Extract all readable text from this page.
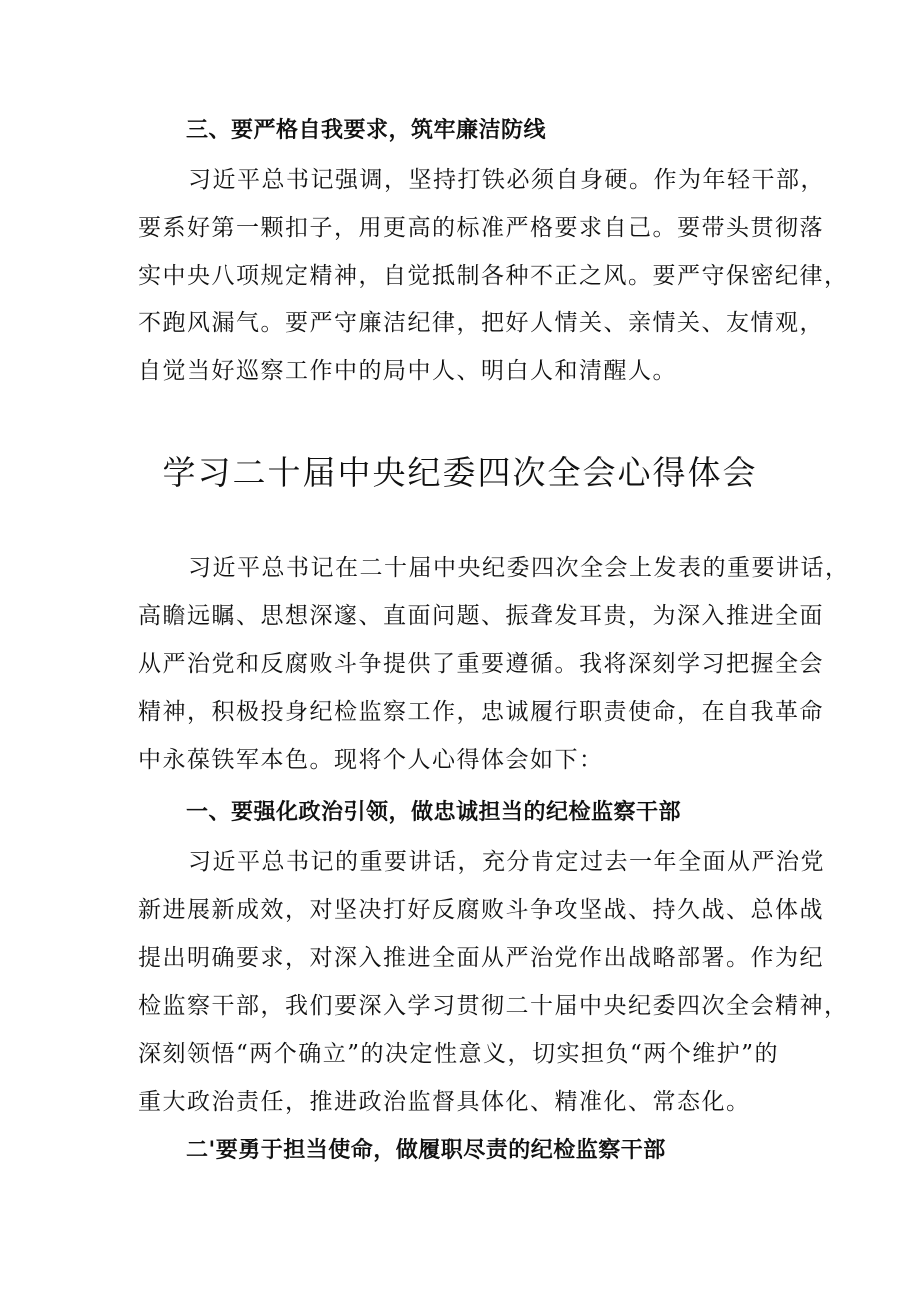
三、要严格自我要求，筑牢廉洁防线
习近平总书记强调，坚持打铁必须自身硬。作为年轻干部，
要系好第一颗扣子，用更高的标准严格要求自己。要带头贯彻落
实中央八项规定精神，自觉抵制各种不正之风。要严守保密纪律，
不跑风漏气。要严守廉洁纪律，把好人情关、亲情关、友情观，
自觉当好巡察工作中的局中人、明白人和清醒人。
学习二十届中央纪委四次全会心得体会
习近平总书记在二十届中央纪委四次全会上发表的重要讲话，
高瞻远瞩、思想深邃、直面问题、振聋发耳贵，为深入推进全面
从严治党和反腐败斗争提供了重要遵循。我将深刻学习把握全会
精神，积极投身纪检监察工作，忠诚履行职责使命，在自我革命
中永葆铁军本色。现将个人心得体会如下：
一、要强化政治引领，做忠诚担当的纪检监察干部
习近平总书记的重要讲话，充分肯定过去一年全面从严治党
新进展新成效，对坚决打好反腐败斗争攻坚战、持久战、总体战
提出明确要求，对深入推进全面从严治党作出战略部署。作为纪
检监察干部，我们要深入学习贯彻二十届中央纪委四次全会精神，
深刻领悟“两个确立”的决定性意义，切实担负“两个维护”的
重大政治责任，推进政治监督具体化、精准化、常态化。
二'要勇于担当使命，做履职尽责的纪检监察干部
